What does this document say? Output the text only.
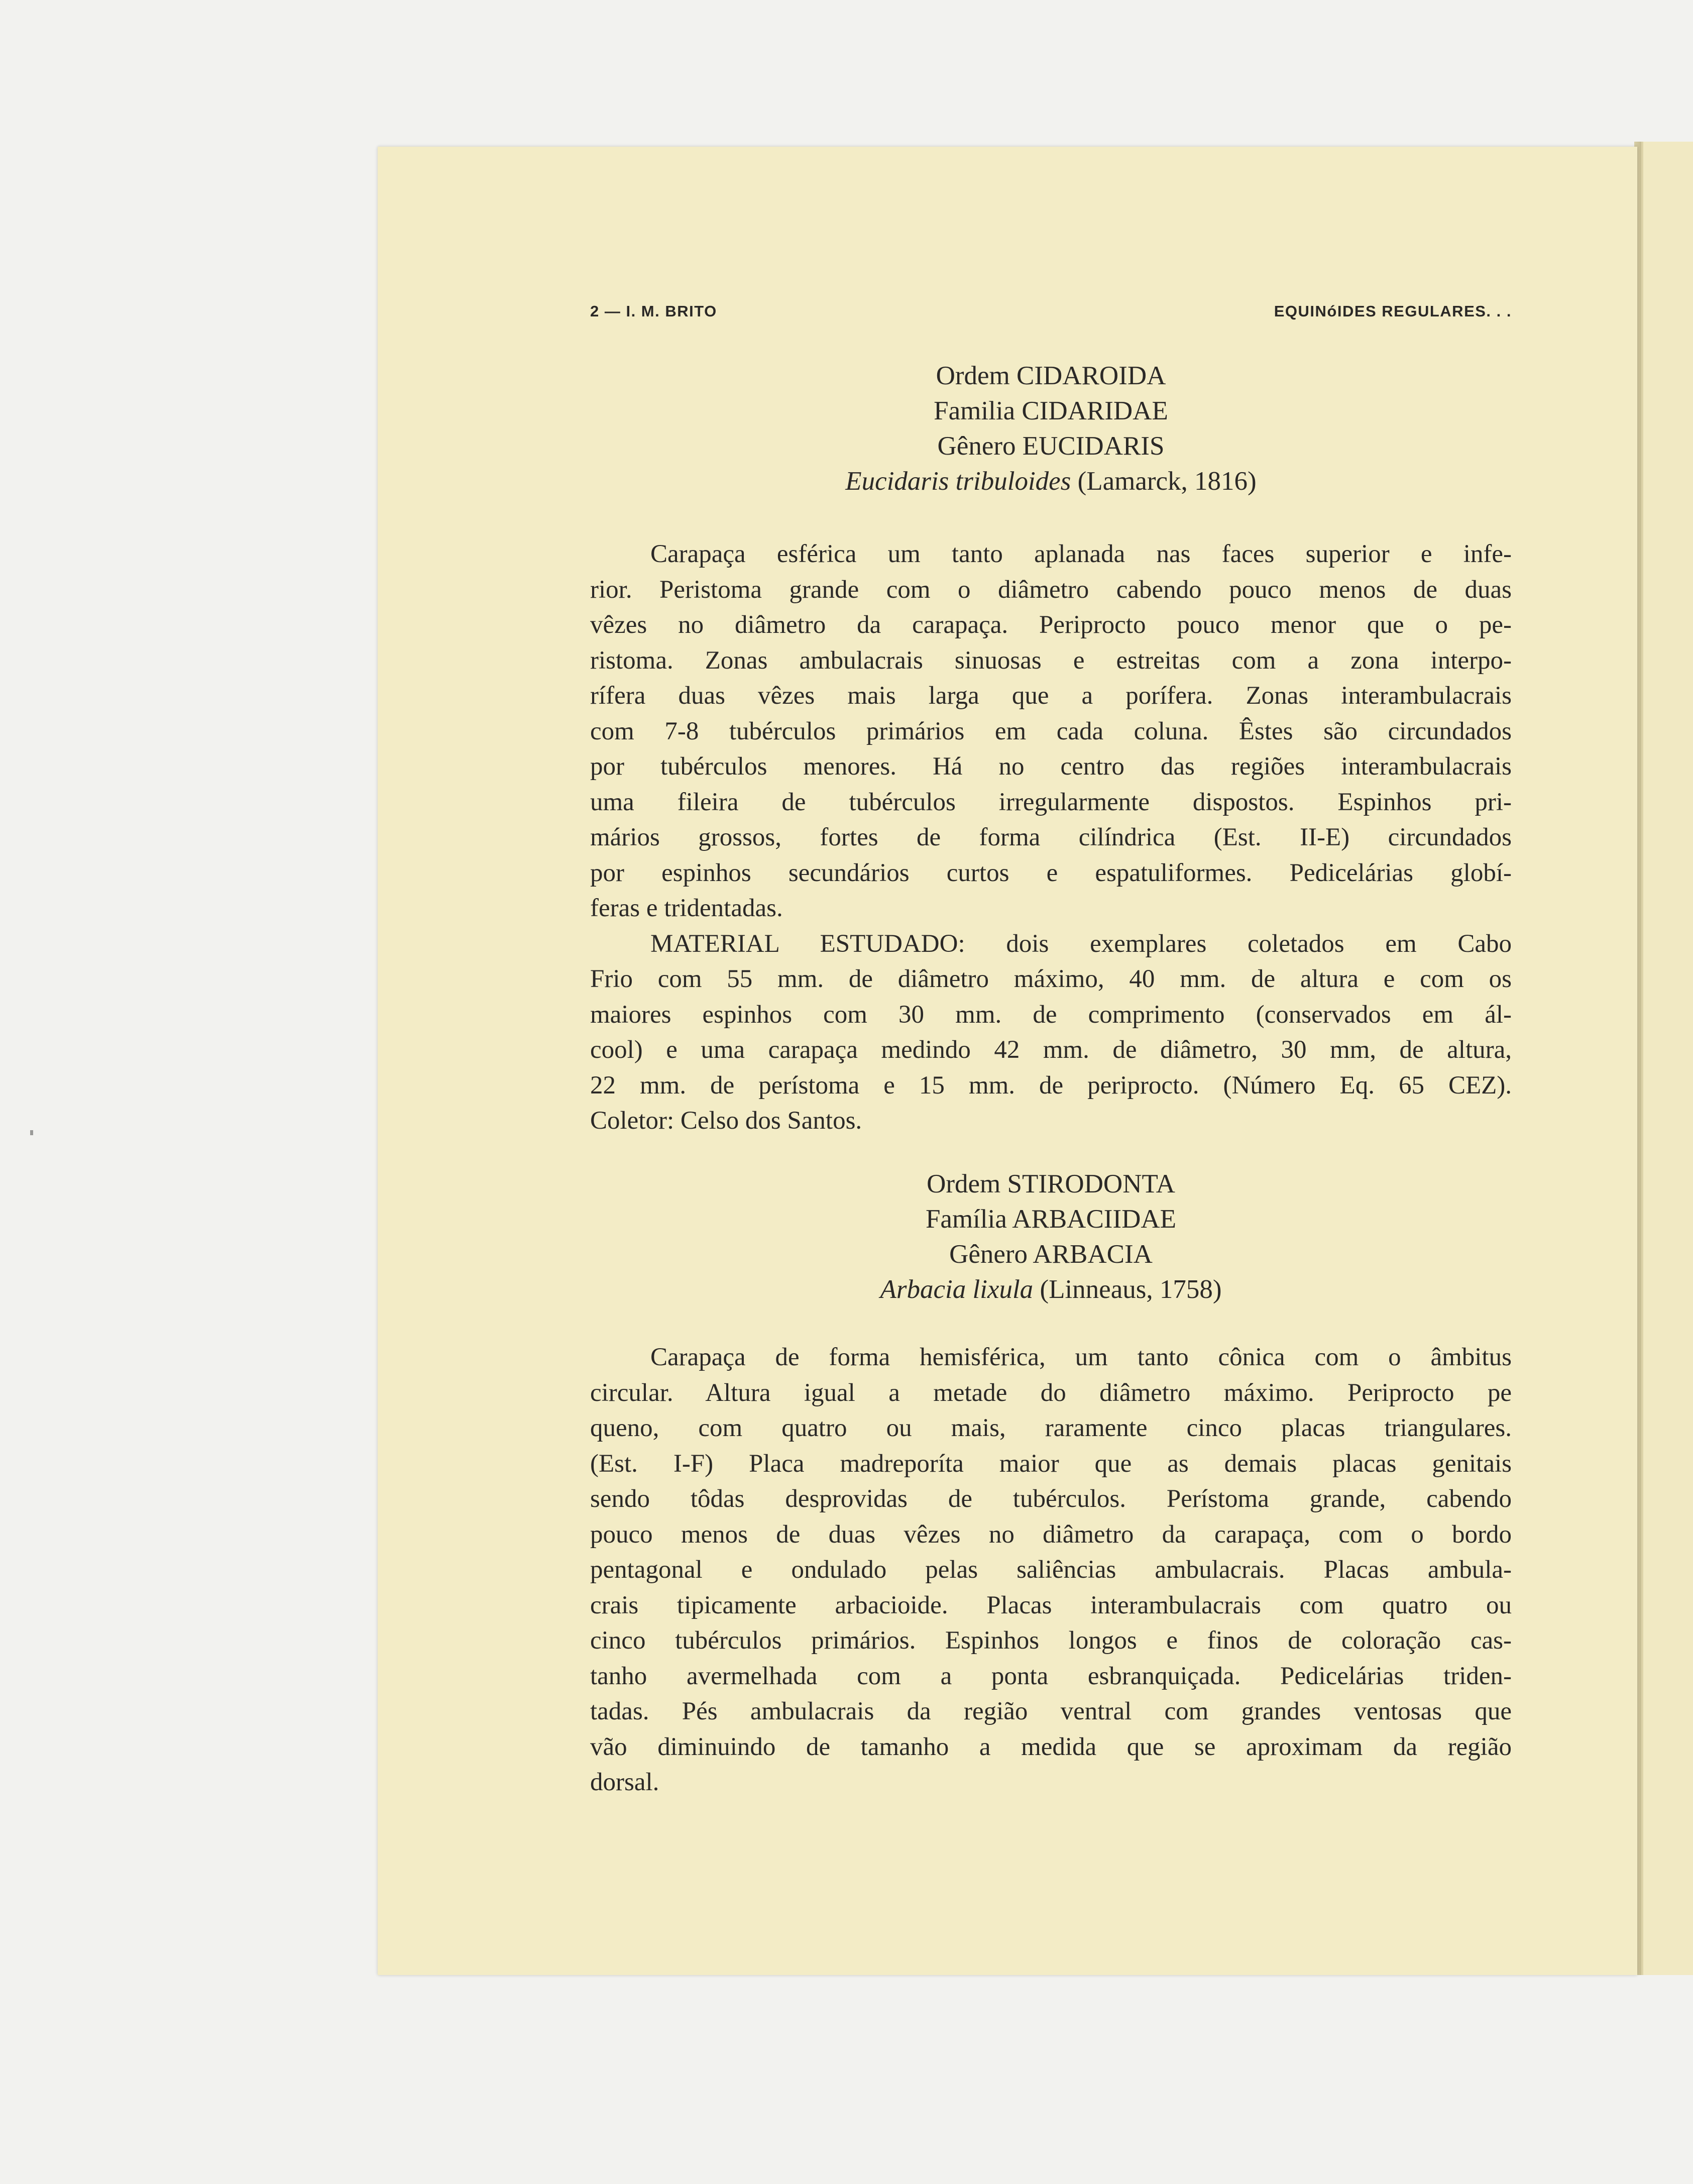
2 — I. M. BRITO	EQUINóIDES REGULARES. . .
Ordem CIDAROIDA
Familia CIDARIDAE
Gênero EUCIDARIS
Eucidaris tribuloides (Lamarck, 1816)
Carapaça esférica um tanto aplanada nas faces superior e infe-
rior. Peristoma grande com o diâmetro cabendo pouco menos de duas
vêzes no diâmetro da carapaça. Periprocto pouco menor que o pe-
ristoma. Zonas ambulacrais sinuosas e estreitas com a zona interpo-
rífera duas vêzes mais larga que a porífera. Zonas interambulacrais
com 7-8 tubérculos primários em cada coluna. Êstes são circundados
por tubérculos menores. Há no centro das regiões interambulacrais
uma fileira de tubérculos irregularmente dispostos. Espinhos pri-
mários grossos, fortes de forma cilíndrica (Est. II-E) circundados
por espinhos secundários curtos e espatuliformes. Pedicelárias globí-
feras e tridentadas.
MATERIAL ESTUDADO: dois exemplares coletados em Cabo
Frio com 55 mm. de diâmetro máximo, 40 mm. de altura e com os
maiores espinhos com 30 mm. de comprimento (conservados em ál-
cool) e uma carapaça medindo 42 mm. de diâmetro, 30 mm, de altura,
22 mm. de perístoma e 15 mm. de periprocto. (Número Eq. 65 CEZ).
Coletor: Celso dos Santos.
Ordem STIRODONTA
Família ARBACIIDAE
Gênero ARBACIA
Arbacia lixula (Linneaus, 1758)
Carapaça de forma hemisférica, um tanto cônica com o âmbitus
circular. Altura igual a metade do diâmetro máximo. Periprocto pe
queno, com quatro ou mais, raramente cinco placas triangulares.
(Est. I-F) Placa madreporíta maior que as demais placas genitais
sendo tôdas desprovidas de tubérculos. Perístoma grande, cabendo
pouco menos de duas vêzes no diâmetro da carapaça, com o bordo
pentagonal e ondulado pelas saliências ambulacrais. Placas ambula-
crais tipicamente arbacioide. Placas interambulacrais com quatro ou
cinco tubérculos primários. Espinhos longos e finos de coloração cas-
tanho avermelhada com a ponta esbranquiçada. Pedicelárias triden-
tadas. Pés ambulacrais da região ventral com grandes ventosas que
vão diminuindo de tamanho a medida que se aproximam da região
dorsal.
